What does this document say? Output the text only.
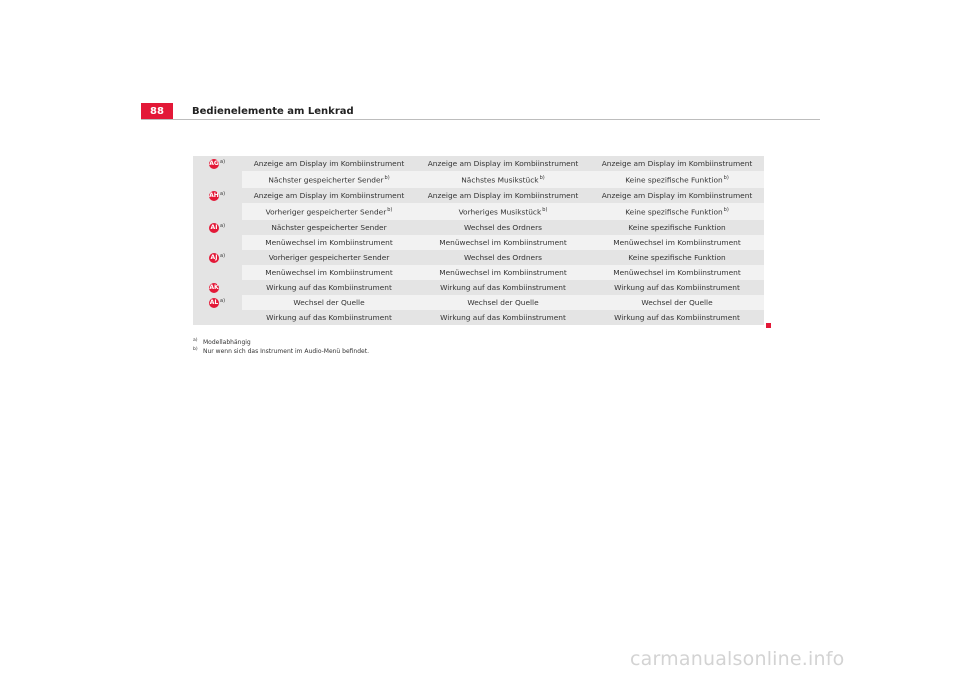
88	Bedienelemente am Lenkrad
AG$^{a)}$	Anzeige am Display im Kombiinstrument	Anzeige am Display im Kombiinstrument	Anzeige am Display im Kombiinstrument
	Nächster gespeicherter Sender$^{b)}$	Nächstes Musikstück$^{b)}$	Keine spezifische Funktion$^{b)}$
AH$^{a)}$	Anzeige am Display im Kombiinstrument	Anzeige am Display im Kombiinstrument	Anzeige am Display im Kombiinstrument
	Vorheriger gespeicherter Sender$^{b)}$	Vorheriges Musikstück$^{b)}$	Keine spezifische Funktion$^{b)}$
AI $^{a)}$	Nächster gespeicherter Sender	Wechsel des Ordners	Keine spezifische Funktion
	Menüwechsel im Kombiinstrument	Menüwechsel im Kombiinstrument	Menüwechsel im Kombiinstrument
AJ $^{a)}$	Vorheriger gespeicherter Sender	Wechsel des Ordners	Keine spezifische Funktion
	Menüwechsel im Kombiinstrument	Menüwechsel im Kombiinstrument	Menüwechsel im Kombiinstrument
AK	Wirkung auf das Kombiinstrument	Wirkung auf das Kombiinstrument	Wirkung auf das Kombiinstrument
AL $^{a)}$	Wechsel der Quelle	Wechsel der Quelle	Wechsel der Quelle
	Wirkung auf das Kombiinstrument	Wirkung auf das Kombiinstrument	Wirkung auf das Kombiinstrument
a) Modellabhängig
b) Nur wenn sich das Instrument im Audio-Menü befindet.
carmanualsonline.info
